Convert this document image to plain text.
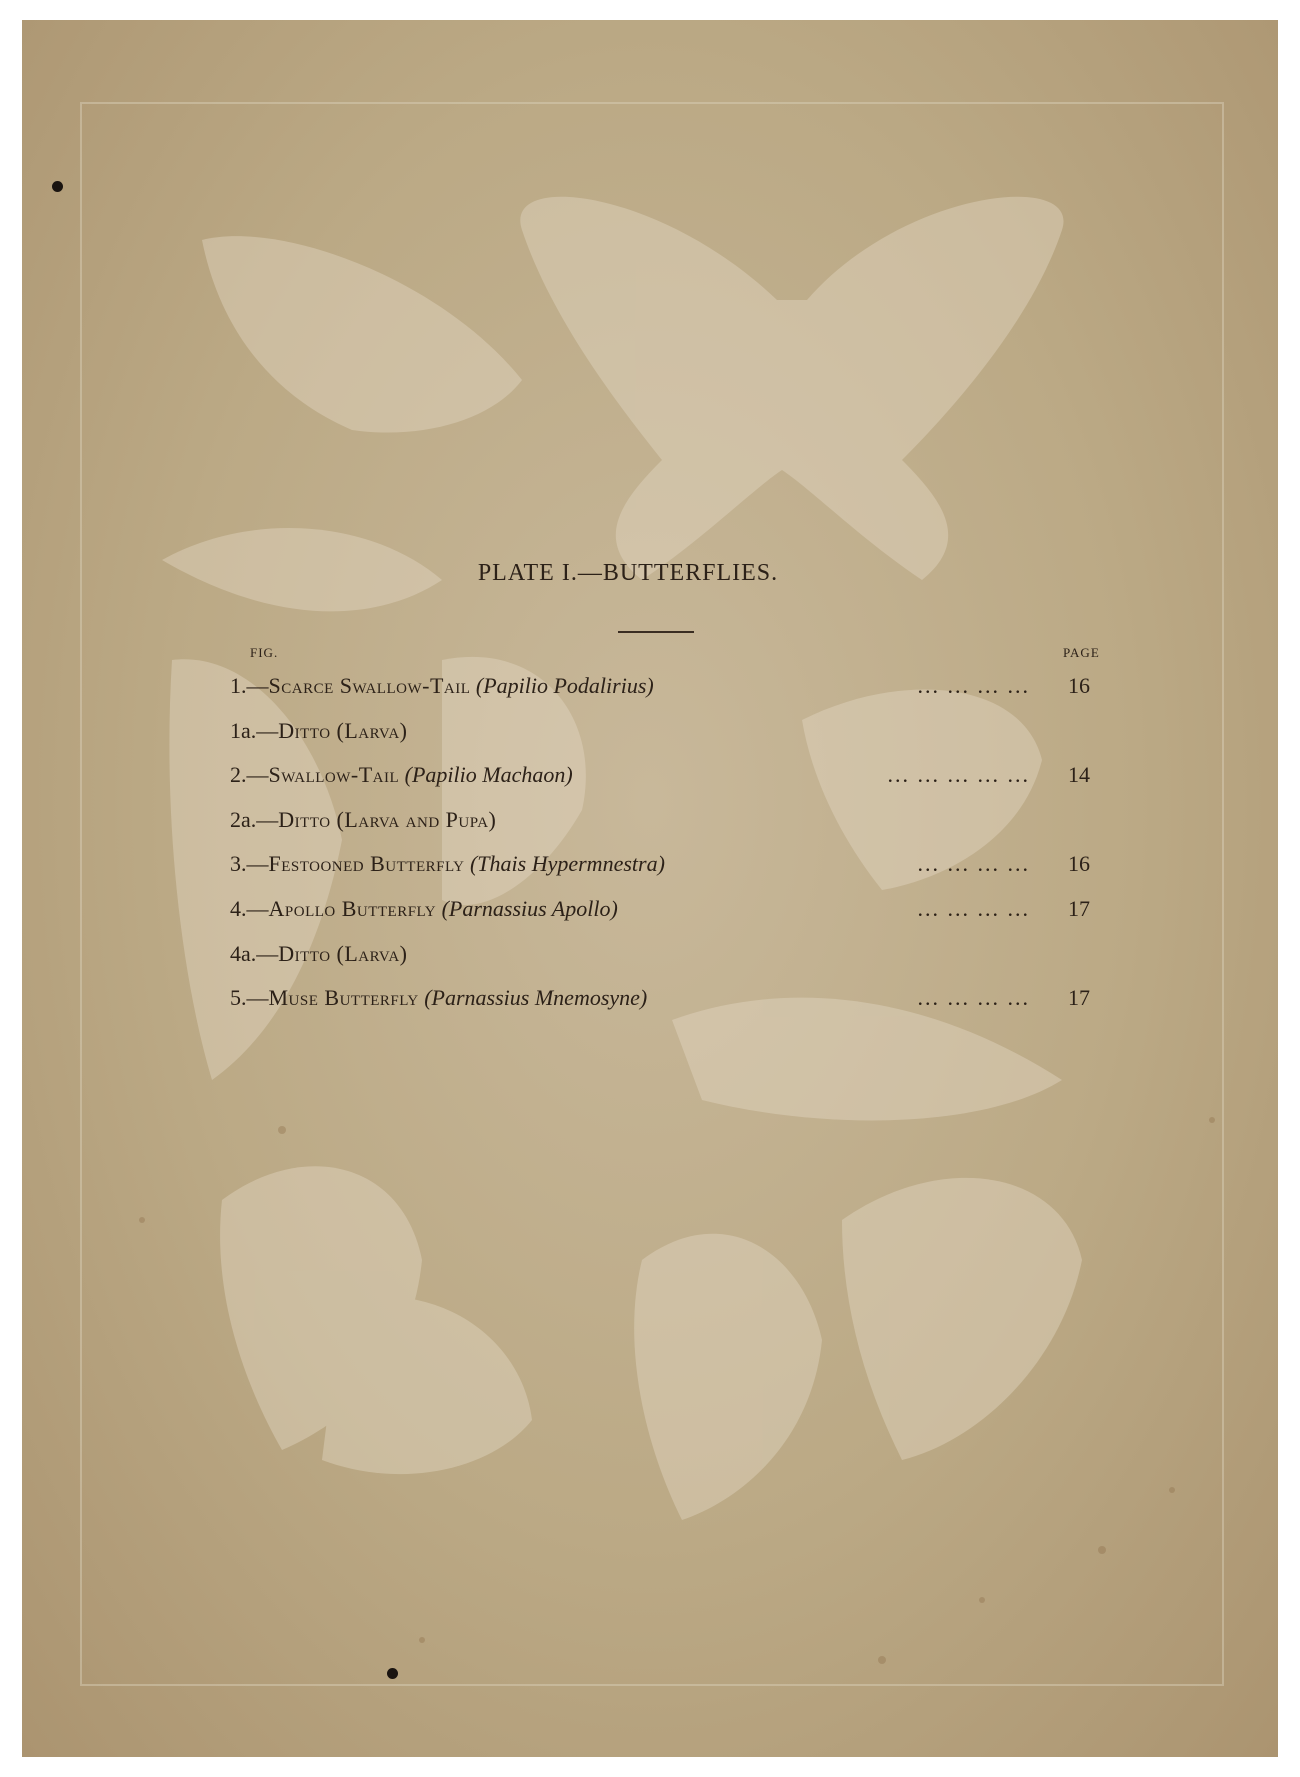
PLATE I.—BUTTERFLIES.
FIG.	PAGE
1.—Scarce Swallow-Tail (Papilio Podalirius)	... ... ... ...	16
1a.—Ditto (Larva)
2.—Swallow-Tail (Papilio Machaon)	... ... ... ... ...	14
2a.—Ditto (Larva and Pupa)
3.—Festooned Butterfly (Thais Hypermnestra)	... ... ... ...	16
4.—Apollo Butterfly (Parnassius Apollo)	... ... ... ...	17
4a.—Ditto (Larva)
5.—Muse Butterfly (Parnassius Mnemosyne)	... ... ... ...	17
